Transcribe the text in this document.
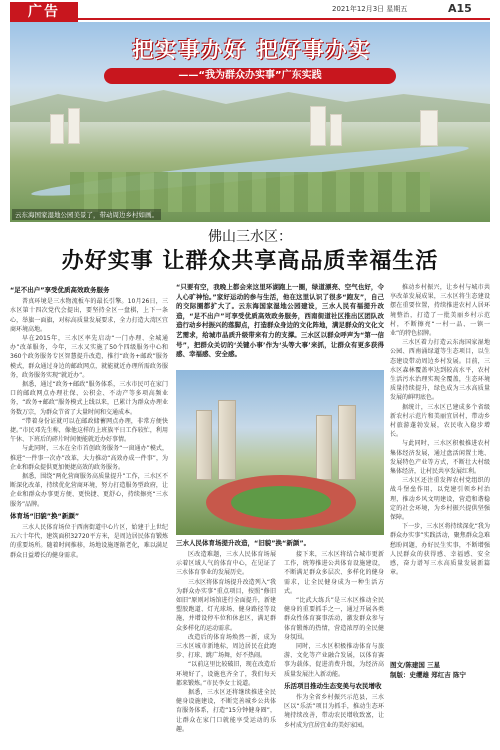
广告	2021年12月3日 星期五	A15
把实事办好 把好事办实
——“我为群众办实事”广东实践
云东海国家湿地公园美景了，带动周边乡村如画。
佛山三水区：
办好实事 让群众共享高品质幸福生活

“足不出户”享受优质高效政务服务

普真环境是三水物流板车的最长引擎。10月26日，三水区第十四次党代会提出，要坚持全区一盘棋，上下一条心，举旗一面旗，对标高质量发展要求，全力打造大湾区宜商环境高地。

早在2015年，三水区率先启动“一门办理、全城通办”改革服务，今年，三水又实施了50个四级服务中心和360个政务服务专区智慧提升改造，推行“政务+邮政”服务模式，群众通过身边的邮政网点，就能就近办理所需政务服务，政务服务实现“就近办”。

据悉，通过“政务+邮政”服务体系，三水市民可在家门口的邮政网点办理社保、公积金、不动产等多项高频业务，“政务+邮政”服务模式上线以来，已累计为群众办理业务数万宗，为群众节省了大量时间和交通成本。

“带着身份证就可以在邮政储蓄网点办理，非常方便快捷。”市民邓先生称，像他这样的上班族平日工作较忙，利用午休、下班后的碎片时间便能就近办好事情。

与此同时，三水在全市首创政务服务“一窗通办”模式，推进“一件事一次办”改革，大力推动“高效办成一件事”，为企业和群众提供更加便捷高效的政务服务。

据悉，围绕“两化营商服务高质量提升”工作，三水区不断深化改革，持续优化营商环境，努力打造服务型政府，让企业和群众办事更方便、更快捷、更舒心，持续擦亮“三水服务”品牌。

体育场“旧貌”换“新颜”

三水人民体育场位于西南街道中心片区，始建于上世纪五六十年代，建筑面积32720平方米，是周边居民体育锻炼的重要场所。随着时间推移，场地设施逐渐老化，难以满足群众日益增长的健身需求。

“只要有空，我晚上都会来这里环湖跑上一圈，绿道漂亮、空气也好，令人心旷神怡。”家好运动的参与生活，他在这里认识了很多“跑友”，自己的交际圈都扩大了。云东海国家湿地公园建设，三水人民有福提升改造，“足不出户”可享受优质高效政务服务，西南街道社区推出区团队改造行动乡村振兴的落脚点，打造群众身边的文化阵地，满足群众的文化文艺需求，给城市品质升级带来有力的支撑。三水区以群众呼声为“第一信号”，把群众关切的‘关键小事’作为‘头等大事’来抓，让群众有更多获得感、幸福感、安全感。
三水人民体育场提升改造，“旧貌”换“新颜”。

区改造难题，三水人民体育场展示着区域人气的体育中心，在见证了三水体育事业的发展历史。

三水区将体育场提升改造列入“我为群众办实事”重点项目，按照“修旧如旧”原则对场馆进行全面提升，新建塑胶跑道、灯光球场、健身路径等设施，并增设停车位和休息区，满足群众多样化的运动需求。

改造后的体育场焕然一新，成为三水区城市新地标，周边居民在此跑步、打球、跳广场舞，好不热闹。

“以前这里比较破旧，现在改造后环境好了，设施也齐全了，我们每天都来锻炼。”市民李女士说道。

据悉，三水区还将继续推进全民健身设施建设，不断完善城乡公共体育服务体系，打造“15分钟健身圈”，让群众在家门口就能享受运动的乐趣。

接下来，三水区将结合城市更新工作，统筹推进公共体育设施建设，不断满足群众多层次、多样化的健身需求，让全民健身成为一种生活方式。

“比武大练兵”是三水区推动全民健身的重要抓手之一，通过开展各类群众性体育赛事活动，激发群众参与体育锻炼的热情，营造浓厚的全民健身氛围。

同时，三水区积极推动体育与旅游、文化等产业融合发展，以体育赛事为载体，促进消费升级，为经济高质量发展注入新动能。

乐活项目推动生态变美与农民增收

作为全省乡村振兴示范县，三水区以“乐活”项目为抓手，推动生态环境持续改善，带动农民增收致富，让乡村成为宜居宜业的美好家园。

推动乡村振兴，让乡村与城市共享改革发展成果，三水区将生态建设摆在重要位置，持续推进农村人居环境整治，打造了一批美丽乡村示范村，不断擦亮“一村一品、一镇一业”的特色招牌。

三水区着力打造云东海国家湿地公园、西南涌绿道等生态项目，以生态建设带动周边乡村发展。目前，三水区森林覆盖率达到较高水平，农村生活污水治理实现全覆盖，生态环境质量持续提升，绿色成为三水高质量发展的鲜明底色。

据统计，三水区已建成多个省级新农村示范片和美丽宜居村，带动乡村旅游蓬勃发展，农民收入稳步增长。

与此同时，三水区积极推进农村集体经济发展，通过盘活闲置土地、发展特色产业等方式，不断壮大村级集体经济，让村民共享发展红利。

三水区还注重发挥农村党组织的战斗堡垒作用，以党建引领乡村治理，推动乡风文明建设，营造和谐稳定的社会环境，为乡村振兴提供坚强保障。

下一步，三水区将持续深化“我为群众办实事”实践活动，聚焦群众急难愁盼问题，办好民生实事，不断增强人民群众的获得感、幸福感、安全感，奋力谱写三水高质量发展新篇章。

图文/陈建国 三星
制版：史缨雄 郑红吉 陈宁
